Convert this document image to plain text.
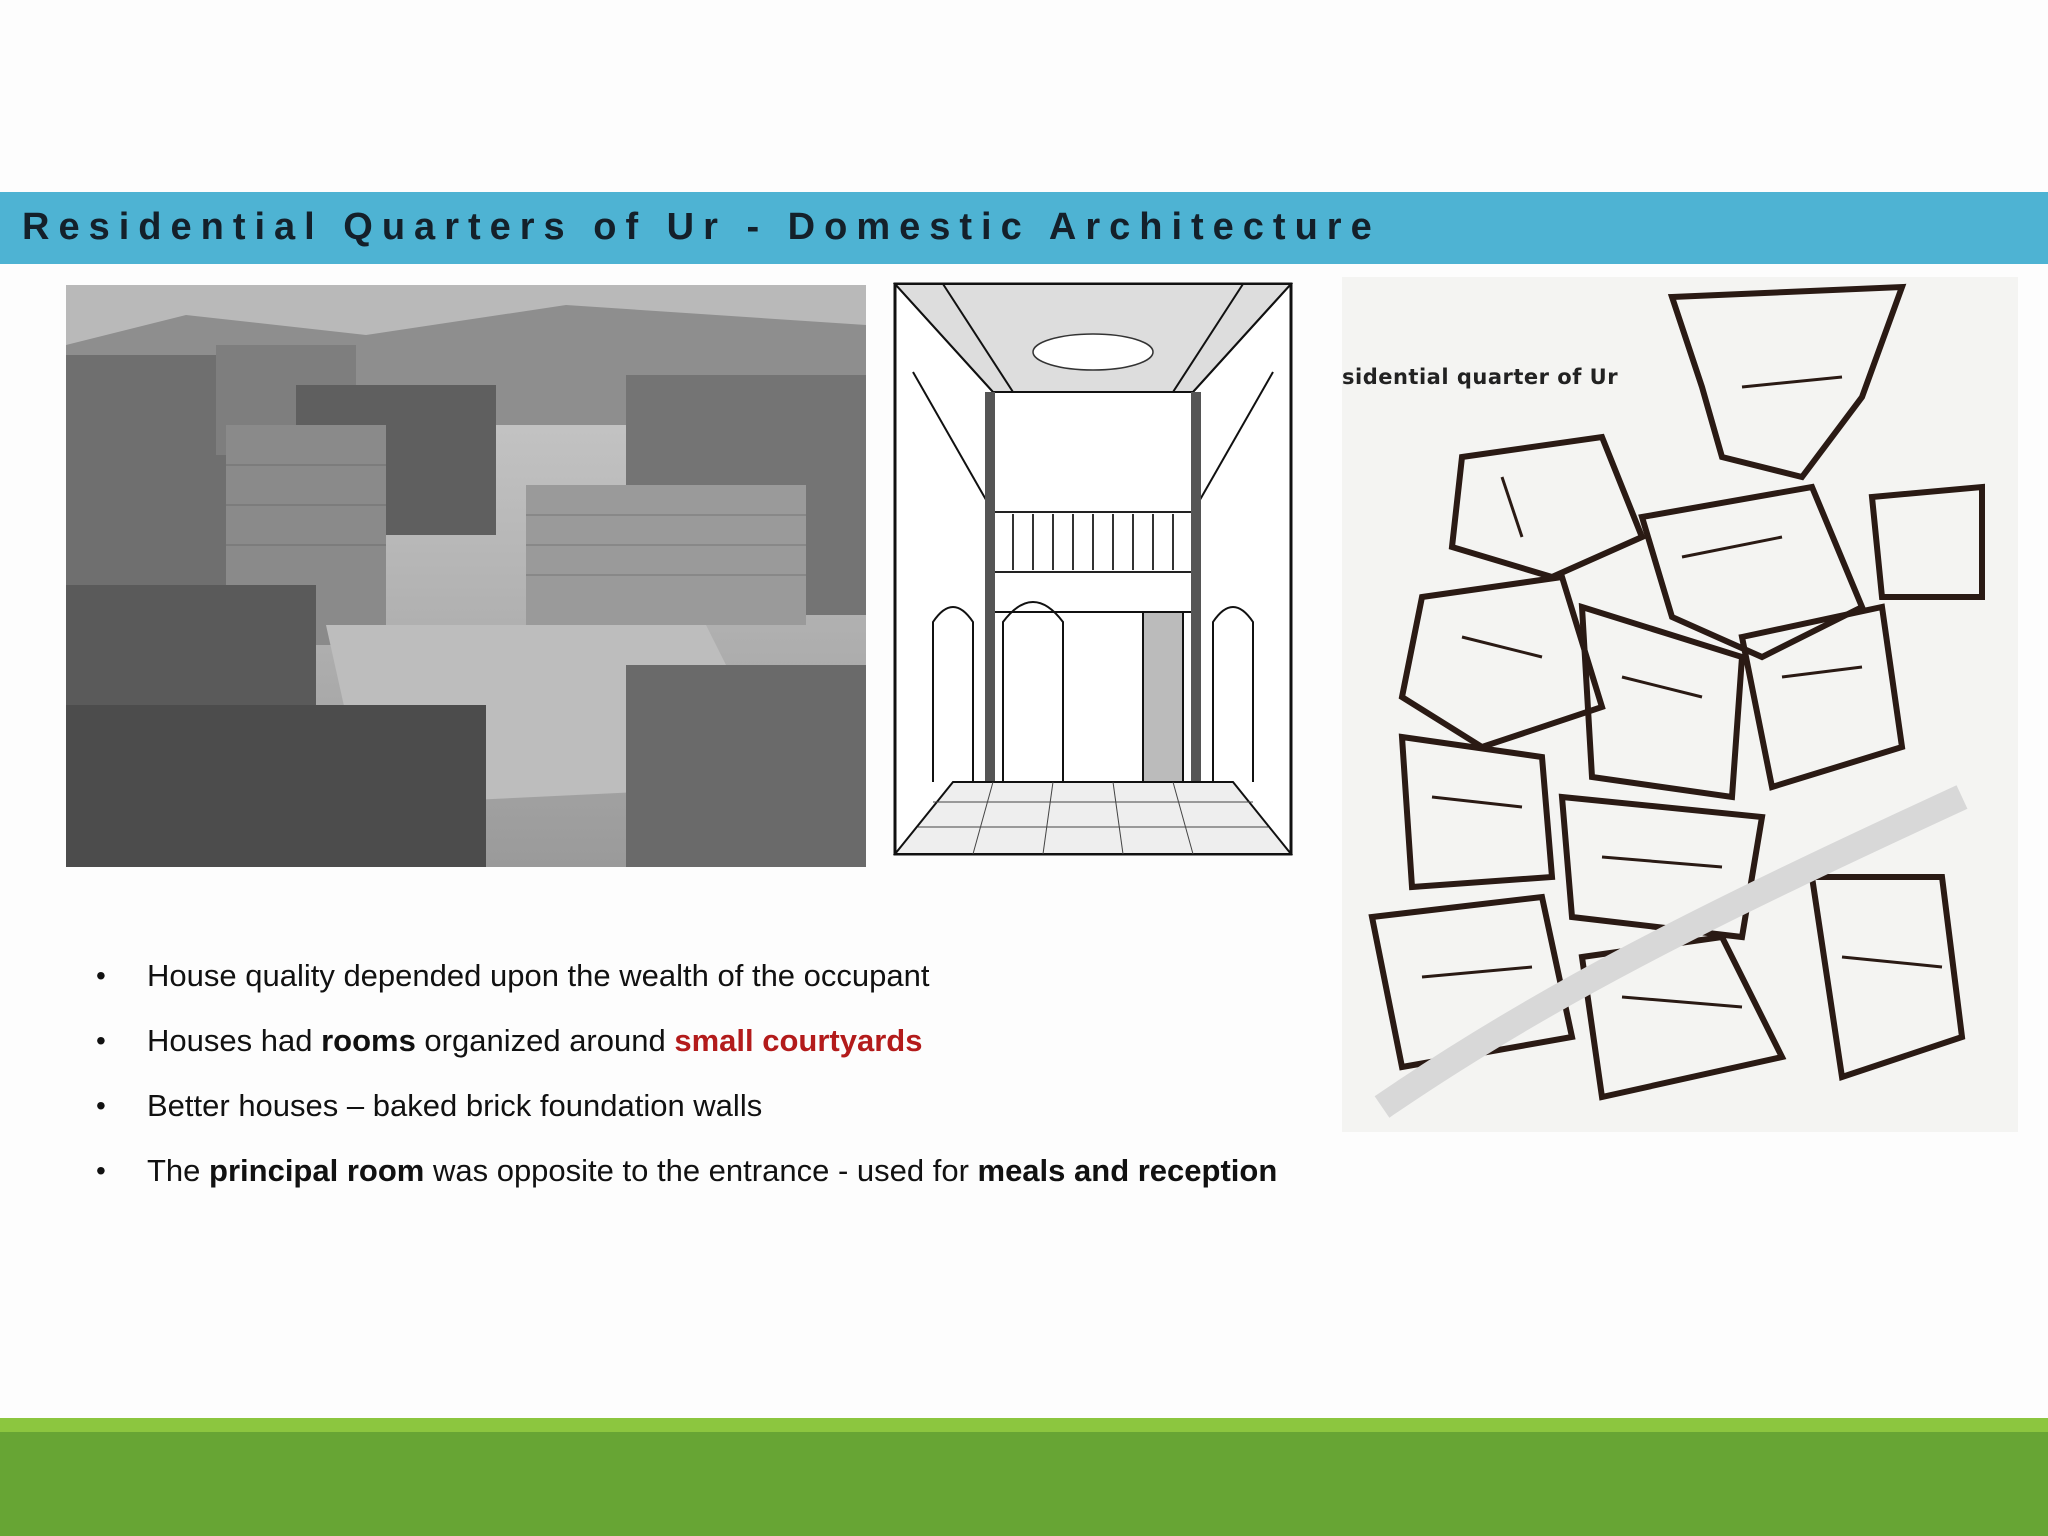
Residential Quarters of Ur - Domestic Architecture
sidential quarter of Ur
• House quality depended upon the wealth of the occupant
• Houses had rooms organized around small courtyards
• Better houses – baked brick foundation walls
• The principal room was opposite to the entrance - used for meals and reception
